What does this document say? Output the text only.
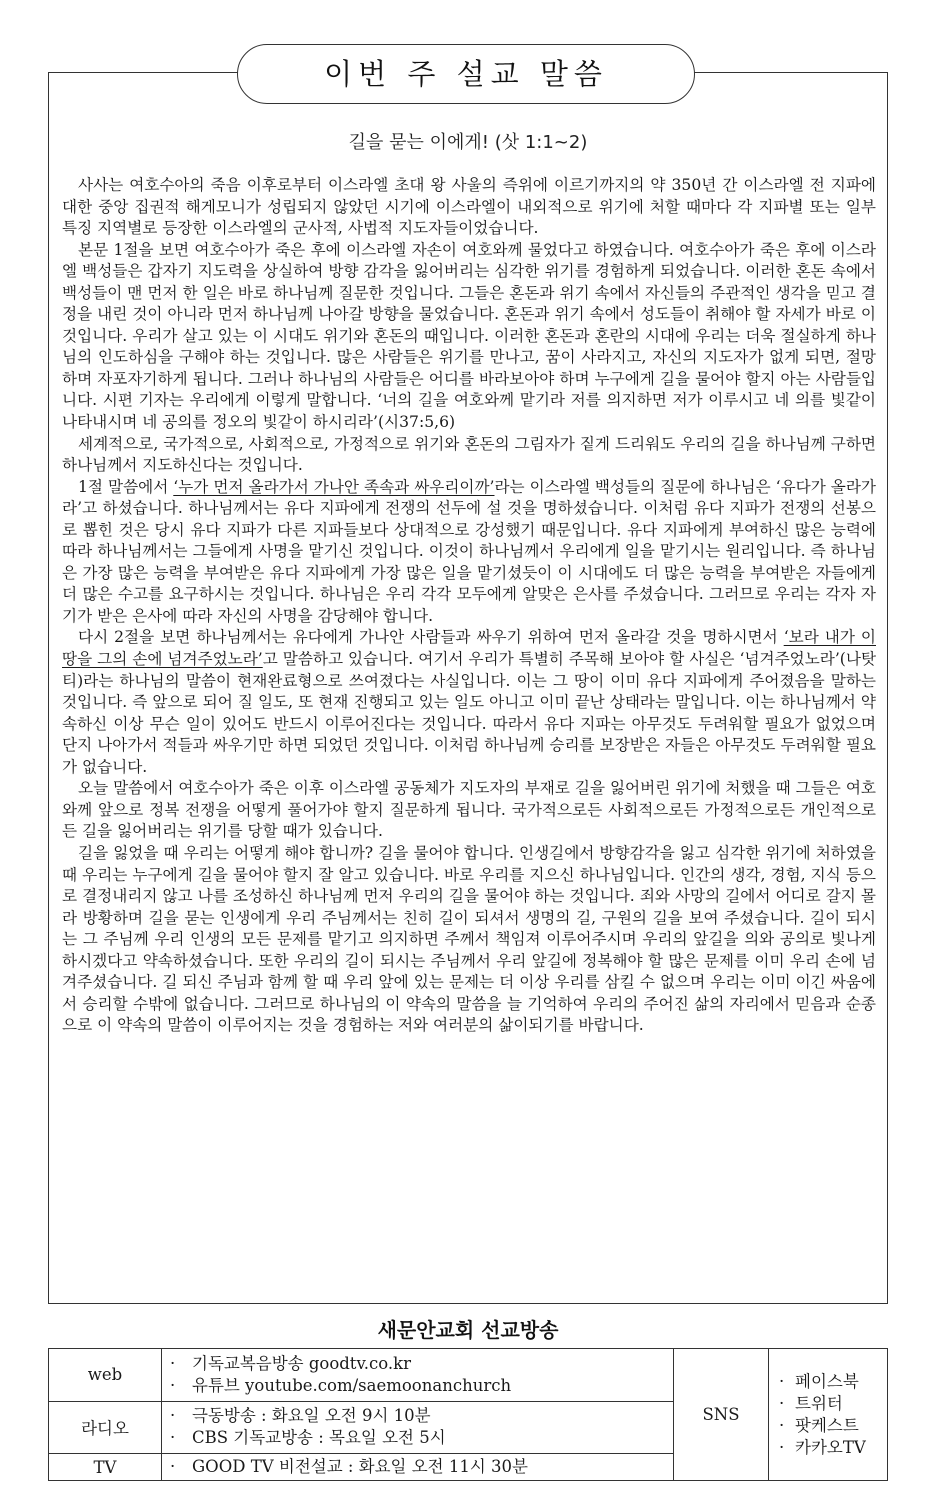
이번 주 설교 말씀
길을 묻는 이에게! (삿 1:1~2)

사사는 여호수아의 죽음 이후로부터 이스라엘 초대 왕 사울의 즉위에 이르기까지의 약 350년 간 이스라엘 전 지파에 대한 중앙 집권적 해게모니가 성립되지 않았던 시기에 이스라엘이 내외적으로 위기에 처할 때마다 각 지파별 또는 일부 특징 지역별로 등장한 이스라엘의 군사적, 사법적 지도자들이었습니다.

본문 1절을 보면 여호수아가 죽은 후에 이스라엘 자손이 여호와께 물었다고 하였습니다. 여호수아가 죽은 후에 이스라엘 백성들은 갑자기 지도력을 상실하여 방향 감각을 잃어버리는 심각한 위기를 경험하게 되었습니다. 이러한 혼돈 속에서 백성들이 맨 먼저 한 일은 바로 하나님께 질문한 것입니다. 그들은 혼돈과 위기 속에서 자신들의 주관적인 생각을 믿고 결정을 내린 것이 아니라 먼저 하나님께 나아갈 방향을 물었습니다. 혼돈과 위기 속에서 성도들이 취해야 할 자세가 바로 이것입니다. 우리가 살고 있는 이 시대도 위기와 혼돈의 때입니다. 이러한 혼돈과 혼란의 시대에 우리는 더욱 절실하게 하나님의 인도하심을 구해야 하는 것입니다. 많은 사람들은 위기를 만나고, 꿈이 사라지고, 자신의 지도자가 없게 되면, 절망하며 자포자기하게 됩니다. 그러나 하나님의 사람들은 어디를 바라보아야 하며 누구에게 길을 물어야 할지 아는 사람들입니다. 시편 기자는 우리에게 이렇게 말합니다. ‘너의 길을 여호와께 맡기라 저를 의지하면 저가 이루시고 네 의를 빛같이 나타내시며 네 공의를 정오의 빛같이 하시리라’(시37:5,6)

세계적으로, 국가적으로, 사회적으로, 가정적으로 위기와 혼돈의 그림자가 짙게 드리워도 우리의 길을 하나님께 구하면 하나님께서 지도하신다는 것입니다.

1절 말씀에서 ‘누가 먼저 올라가서 가나안 족속과 싸우리이까’라는 이스라엘 백성들의 질문에 하나님은 ‘유다가 올라가라’고 하셨습니다. 하나님께서는 유다 지파에게 전쟁의 선두에 설 것을 명하셨습니다. 이처럼 유다 지파가 전쟁의 선봉으로 뽑힌 것은 당시 유다 지파가 다른 지파들보다 상대적으로 강성했기 때문입니다. 유다 지파에게 부여하신 많은 능력에 따라 하나님께서는 그들에게 사명을 맡기신 것입니다. 이것이 하나님께서 우리에게 일을 맡기시는 원리입니다. 즉 하나님은 가장 많은 능력을 부여받은 유다 지파에게 가장 많은 일을 맡기셨듯이 이 시대에도 더 많은 능력을 부여받은 자들에게 더 많은 수고를 요구하시는 것입니다. 하나님은 우리 각각 모두에게 알맞은 은사를 주셨습니다. 그러므로 우리는 각자 자기가 받은 은사에 따라 자신의 사명을 감당해야 합니다.

다시 2절을 보면 하나님께서는 유다에게 가나안 사람들과 싸우기 위하여 먼저 올라갈 것을 명하시면서 ‘보라 내가 이 땅을 그의 손에 넘겨주었노라’고 말씀하고 있습니다. 여기서 우리가 특별히 주목해 보아야 할 사실은 ‘넘겨주었노라’(나탓티)라는 하나님의 말씀이 현재완료형으로 쓰여졌다는 사실입니다. 이는 그 땅이 이미 유다 지파에게 주어졌음을 말하는 것입니다. 즉 앞으로 되어 질 일도, 또 현재 진행되고 있는 일도 아니고 이미 끝난 상태라는 말입니다. 이는 하나님께서 약속하신 이상 무슨 일이 있어도 반드시 이루어진다는 것입니다. 따라서 유다 지파는 아무것도 두려워할 필요가 없었으며 단지 나아가서 적들과 싸우기만 하면 되었던 것입니다. 이처럼 하나님께 승리를 보장받은 자들은 아무것도 두려워할 필요가 없습니다.

오늘 말씀에서 여호수아가 죽은 이후 이스라엘 공동체가 지도자의 부재로 길을 잃어버린 위기에 처했을 때 그들은 여호와께 앞으로 정복 전쟁을 어떻게 풀어가야 할지 질문하게 됩니다. 국가적으로든 사회적으로든 가정적으로든 개인적으로든 길을 잃어버리는 위기를 당할 때가 있습니다.

길을 잃었을 때 우리는 어떻게 해야 합니까? 길을 물어야 합니다. 인생길에서 방향감각을 잃고 심각한 위기에 처하였을 때 우리는 누구에게 길을 물어야 할지 잘 알고 있습니다. 바로 우리를 지으신 하나님입니다. 인간의 생각, 경험, 지식 등으로 결정내리지 않고 나를 조성하신 하나님께 먼저 우리의 길을 물어야 하는 것입니다. 죄와 사망의 길에서 어디로 갈지 몰라 방황하며 길을 묻는 인생에게 우리 주님께서는 친히 길이 되셔서 생명의 길, 구원의 길을 보여 주셨습니다. 길이 되시는 그 주님께 우리 인생의 모든 문제를 맡기고 의지하면 주께서 책임져 이루어주시며 우리의 앞길을 의와 공의로 빛나게 하시겠다고 약속하셨습니다. 또한 우리의 길이 되시는 주님께서 우리 앞길에 정복해야 할 많은 문제를 이미 우리 손에 넘겨주셨습니다. 길 되신 주님과 함께 할 때 우리 앞에 있는 문제는 더 이상 우리를 삼킬 수 없으며 우리는 이미 이긴 싸움에서 승리할 수밖에 없습니다. 그러므로 하나님의 이 약속의 말씀을 늘 기억하여 우리의 주어진 삶의 자리에서 믿음과 순종으로 이 약속의 말씀이 이루어지는 것을 경험하는 저와 여러분의 삶이되기를 바랍니다.

새문안교회 선교방송
web	· 기독교복음방송 goodtv.co.kr
· 유튜브 youtube.com/saemoonanchurch	SNS	· 페이스북
· 트위터
· 팟케스트
· 카카오TV

라디오	· 극동방송 : 화요일 오전 9시 10분
· CBS 기독교방송 : 목요일 오전 5시		

TV	· GOOD TV 비전설교 : 화요일 오전 11시 30분		
